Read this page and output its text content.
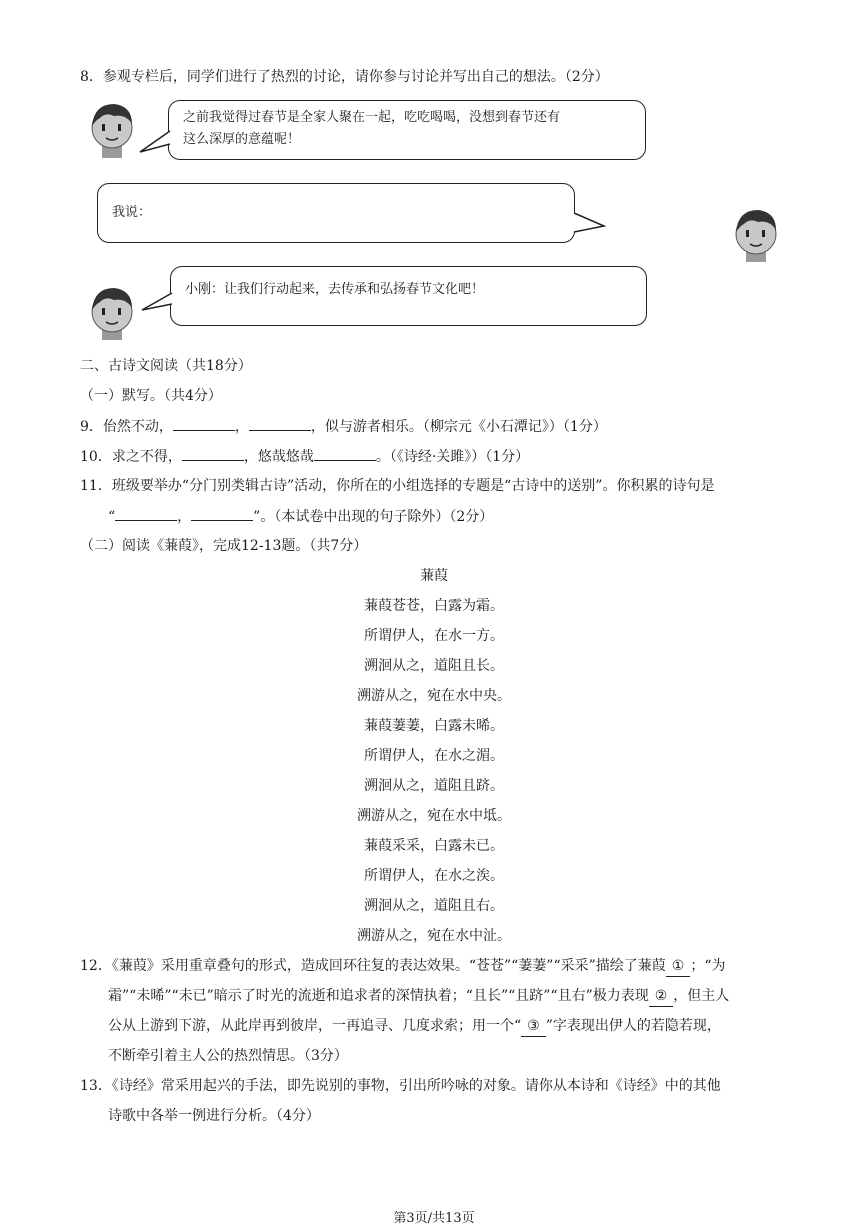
8．参观专栏后，同学们进行了热烈的讨论，请你参与讨论并写出自己的想法。（2分）
之前我觉得过春节是全家人聚在一起，吃吃喝喝，没想到春节还有
这么深厚的意蕴呢！
我说：
小刚：让我们行动起来，去传承和弘扬春节文化吧！
二、古诗文阅读（共18分）
（一）默写。（共4分）
9．佁然不动，	，	，似与游者相乐。（柳宗元《小石潭记》）（1分）
10．求之不得，	，悠哉悠哉	。（《诗经·关雎》）（1分）
11．班级要举办“分门别类辑古诗”活动，你所在的小组选择的专题是“古诗中的送别”。你积累的诗句是
“	，	”。（本试卷中出现的句子除外）（2分）
（二）阅读《蒹葭》，完成12-13题。（共7分）
蒹葭
蒹葭苍苍，白露为霜。
所谓伊人，在水一方。
溯洄从之，道阻且长。
溯游从之，宛在水中央。
蒹葭萋萋，白露未晞。
所谓伊人，在水之湄。
溯洄从之，道阻且跻。
溯游从之，宛在水中坻。
蒹葭采采，白露未已。
所谓伊人，在水之涘。
溯洄从之，道阻且右。
溯游从之，宛在水中沚。
12．《蒹葭》采用重章叠句的形式，造成回环往复的表达效果。“苍苍”“萋萋”“采采”描绘了蒹葭 ① ；“为
霜”“未晞”“未已”暗示了时光的流逝和追求者的深情执着；“且长”“且跻”“且右”极力表现 ② ，但主人
公从上游到下游，从此岸再到彼岸，一再追寻、几度求索；用一个“ ③ ”字表现出伊人的若隐若现，
不断牵引着主人公的热烈情思。（3分）
13．《诗经》常采用起兴的手法，即先说别的事物，引出所吟咏的对象。请你从本诗和《诗经》中的其他
诗歌中各举一例进行分析。（4分）
第3页/共13页
